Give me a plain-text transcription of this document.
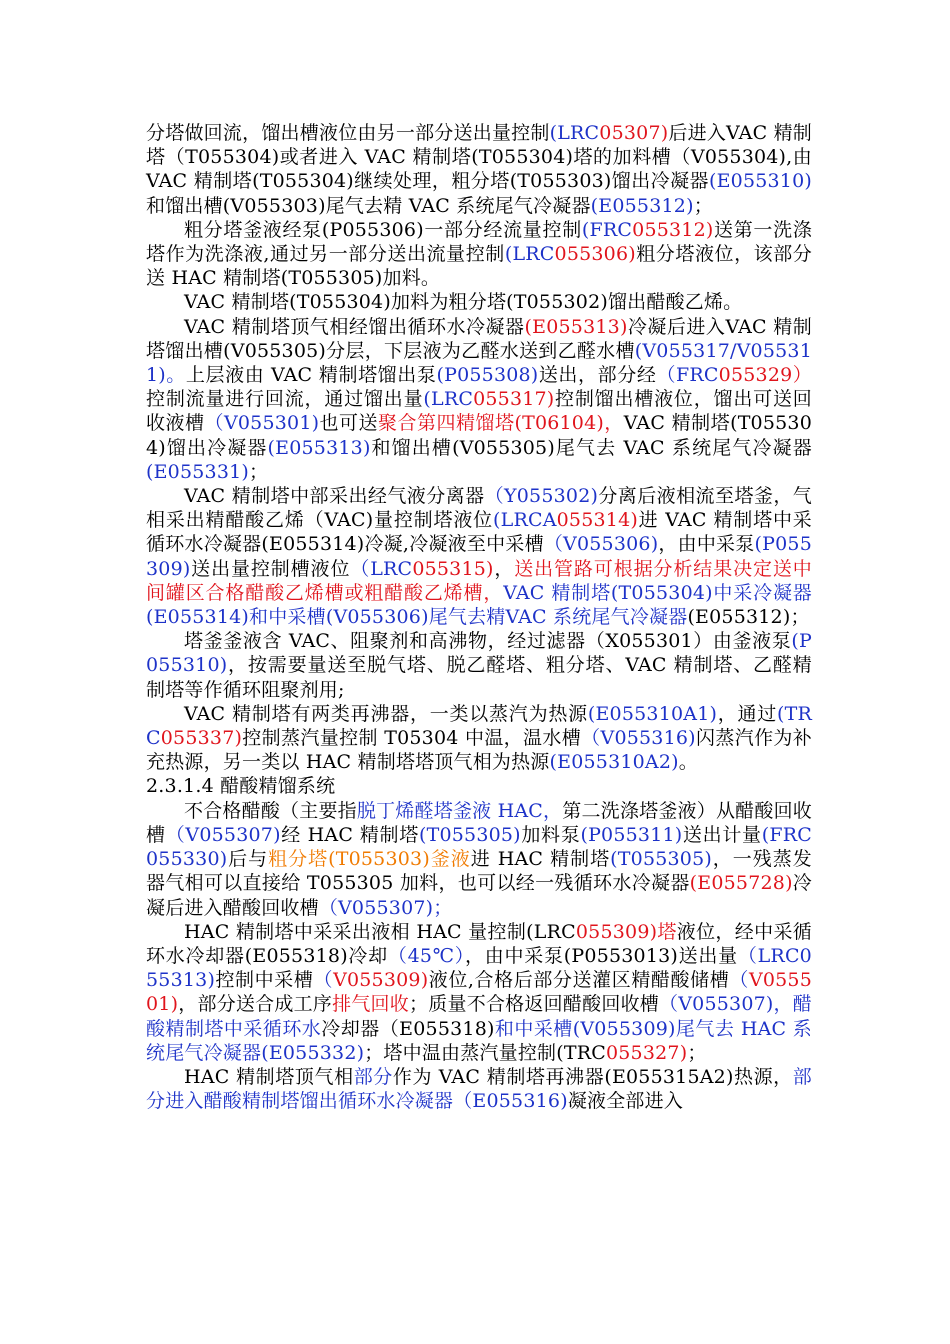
分塔做回流，馏出槽液位由另一部分送出量控制(LRC05307)后进入VAC 精制塔（T055304)或者进入 VAC 精制塔(T055304)塔的加料槽（V055304),由 VAC 精制塔(T055304)继续处理，粗分塔(T055303)馏出冷凝器(E055310)和馏出槽(V055303)尾气去精 VAC 系统尾气冷凝器(E055312)；

粗分塔釜液经泵(P055306)一部分经流量控制(FRC055312)送第一洗涤塔作为洗涤液,通过另一部分送出流量控制(LRC055306)粗分塔液位，该部分送 HAC 精制塔(T055305)加料。

VAC 精制塔(T055304)加料为粗分塔(T055302)馏出醋酸乙烯。

VAC 精制塔顶气相经馏出循环水冷凝器(E055313)冷凝后进入VAC 精制塔馏出槽(V055305)分层，下层液为乙醛水送到乙醛水槽(V055317/V055311)。上层液由 VAC 精制塔馏出泵(P055308)送出，部分经（FRC055329）控制流量进行回流，通过馏出量(LRC055317)控制馏出槽液位，馏出可送回收液槽（V055301)也可送聚合第四精馏塔(T06104)，VAC 精制塔(T055304)馏出冷凝器(E055313)和馏出槽(V055305)尾气去 VAC 系统尾气冷凝器(E055331)；

VAC 精制塔中部采出经气液分离器（Y055302)分离后液相流至塔釜，气相采出精醋酸乙烯（VAC)量控制塔液位(LRCA055314)进 VAC 精制塔中采循环水冷凝器(E055314)冷凝,冷凝液至中采槽（V055306)，由中采泵(P055309)送出量控制槽液位（LRC055315)，送出管路可根据分析结果决定送中间罐区合格醋酸乙烯槽或粗醋酸乙烯槽，VAC 精制塔(T055304)中采冷凝器(E055314)和中采槽(V055306)尾气去精VAC 系统尾气冷凝器(E055312)；

塔釜釜液含 VAC、阻聚剂和高沸物，经过滤器（X055301）由釜液泵(P055310)，按需要量送至脱气塔、脱乙醛塔、粗分塔、VAC 精制塔、乙醛精制塔等作循环阻聚剂用;

VAC 精制塔有两类再沸器，一类以蒸汽为热源(E055310A1)，通过(TRC055337)控制蒸汽量控制 T05304 中温，温水槽（V055316)闪蒸汽作为补充热源，另一类以 HAC 精制塔塔顶气相为热源(E055310A2)。

2.3.1.4 醋酸精馏系统

不合格醋酸（主要指脱丁烯醛塔釜液 HAC，第二洗涤塔釜液）从醋酸回收槽（V055307)经 HAC 精制塔(T055305)加料泵(P055311)送出计量(FRC055330)后与粗分塔(T055303)釜液进 HAC 精制塔(T055305)，一残蒸发器气相可以直接给 T055305 加料，也可以经一残循环水冷凝器(E055728)冷凝后进入醋酸回收槽（V055307)；

HAC 精制塔中采采出液相 HAC 量控制(LRC055309)塔液位，经中采循环水冷却器(E055318)冷却（45℃），由中采泵(P0553013)送出量（LRC055313)控制中采槽（V055309)液位,合格后部分送灌区精醋酸储槽（V055501)，部分送合成工序排气回收；质量不合格返回醋酸回收槽（V055307)，醋酸精制塔中采循环水冷却器（E055318)和中采槽(V055309)尾气去 HAC 系统尾气冷凝器(E055332)；塔中温由蒸汽量控制(TRC055327)；

HAC 精制塔顶气相部分作为 VAC 精制塔再沸器(E055315A2)热源，部分进入醋酸精制塔馏出循环水冷凝器（E055316)凝液全部进入
